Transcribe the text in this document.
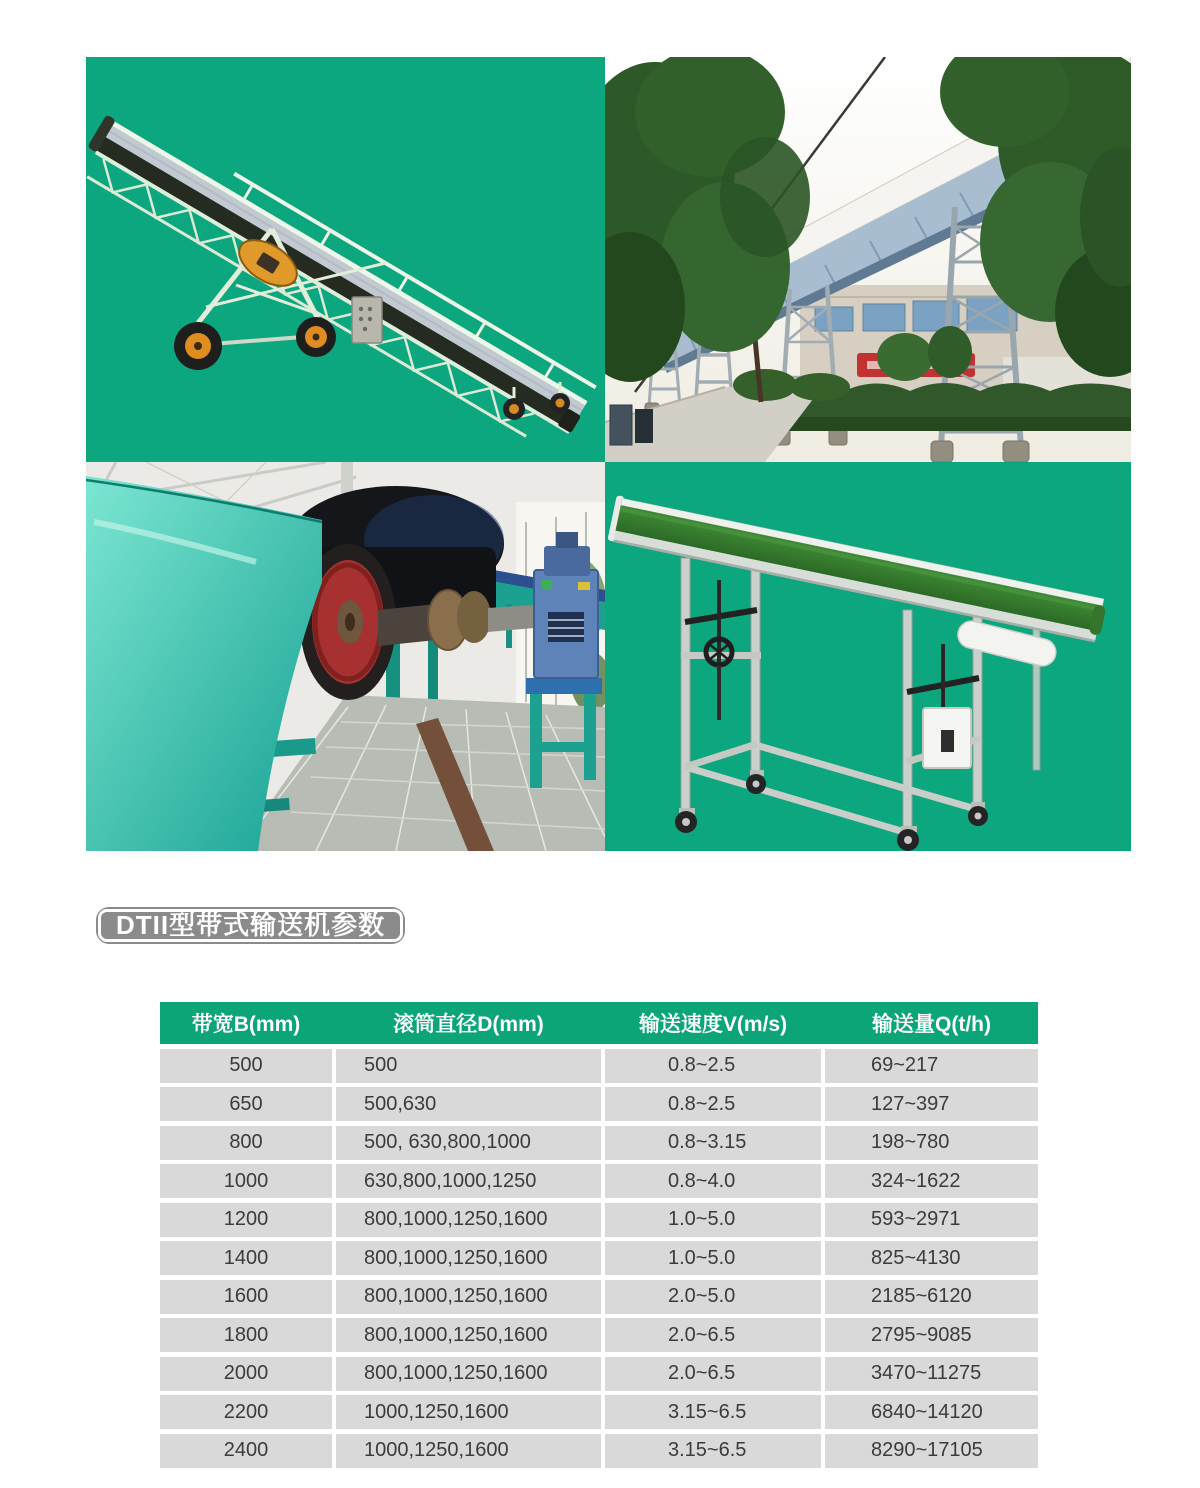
DTII型带式输送机参数
带宽B(mm)	滚筒直径D(mm)	输送速度V(m/s)	输送量Q(t/h)
500	500	0.8~2.5	69~217
650	500,630	0.8~2.5	127~397
800	500, 630,800,1000	0.8~3.15	198~780
1000	630,800,1000,1250	0.8~4.0	324~1622
1200	800,1000,1250,1600	1.0~5.0	593~2971
1400	800,1000,1250,1600	1.0~5.0	825~4130
1600	800,1000,1250,1600	2.0~5.0	2185~6120
1800	800,1000,1250,1600	2.0~6.5	2795~9085
2000	800,1000,1250,1600	2.0~6.5	3470~11275
2200	1000,1250,1600	3.15~6.5	6840~14120
2400	1000,1250,1600	3.15~6.5	8290~17105
